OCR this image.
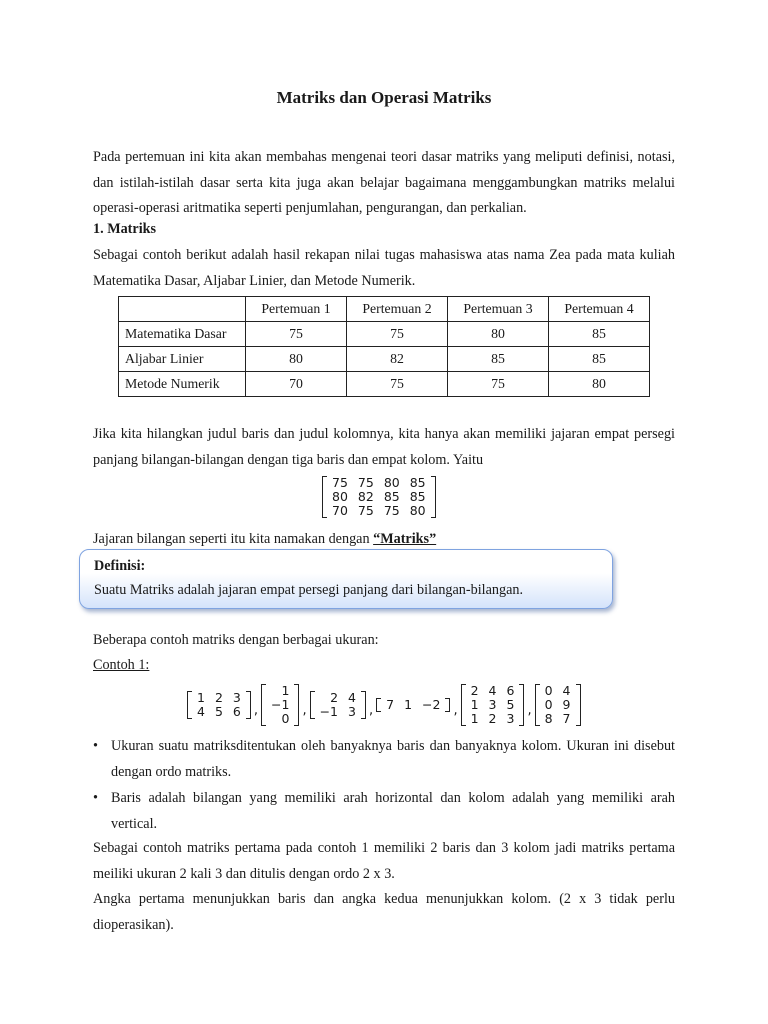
Matriks dan Operasi Matriks

Pada pertemuan ini kita akan membahas mengenai teori dasar matriks yang meliputi definisi, notasi, dan istilah-istilah dasar serta kita juga akan belajar bagaimana menggambungkan matriks melalui operasi-operasi aritmatika seperti penjumlahan, pengurangan, dan perkalian.

1. Matriks

Sebagai contoh berikut adalah hasil rekapan nilai tugas mahasiswa atas nama Zea pada mata kuliah Matematika Dasar, Aljabar Linier, dan Metode Numerik.

	Pertemuan 1	Pertemuan 2	Pertemuan 3	Pertemuan 4
Matematika Dasar	75	75	80	85
Aljabar Linier	80	82	85	85
Metode Numerik	70	75	75	80

Jika kita hilangkan judul baris dan judul kolomnya, kita hanya akan memiliki jajaran empat persegi panjang bilangan-bilangan dengan tiga baris dan empat kolom. Yaitu

75	75	80	85
80	82	85	85
70	75	75	80

Jajaran bilangan seperti itu kita namakan dengan “Matriks”

Definisi:
Suatu Matriks adalah jajaran empat persegi panjang dari bilangan-bilangan.

Beberapa contoh matriks dengan berbagai ukuran:

Contoh 1:

1	2	3
4	5	6 ,
1
−1
0
,
2	4
−1	3 , 7	1	−2 ,
2	4	6
1	3	5
1	2	3
,
0	4
0	9
8	7
• Ukuran suatu matriksditentukan oleh banyaknya baris dan banyaknya kolom. Ukuran ini disebut dengan ordo matriks.
• Baris adalah bilangan yang memiliki arah horizontal dan kolom adalah yang memiliki arah vertical.

Sebagai contoh matriks pertama pada contoh 1 memiliki 2 baris dan 3 kolom jadi matriks pertama meiliki ukuran 2 kali 3 dan ditulis dengan ordo 2 x 3.

Angka pertama menunjukkan baris dan angka kedua menunjukkan kolom. (2 x 3 tidak perlu dioperasikan).
